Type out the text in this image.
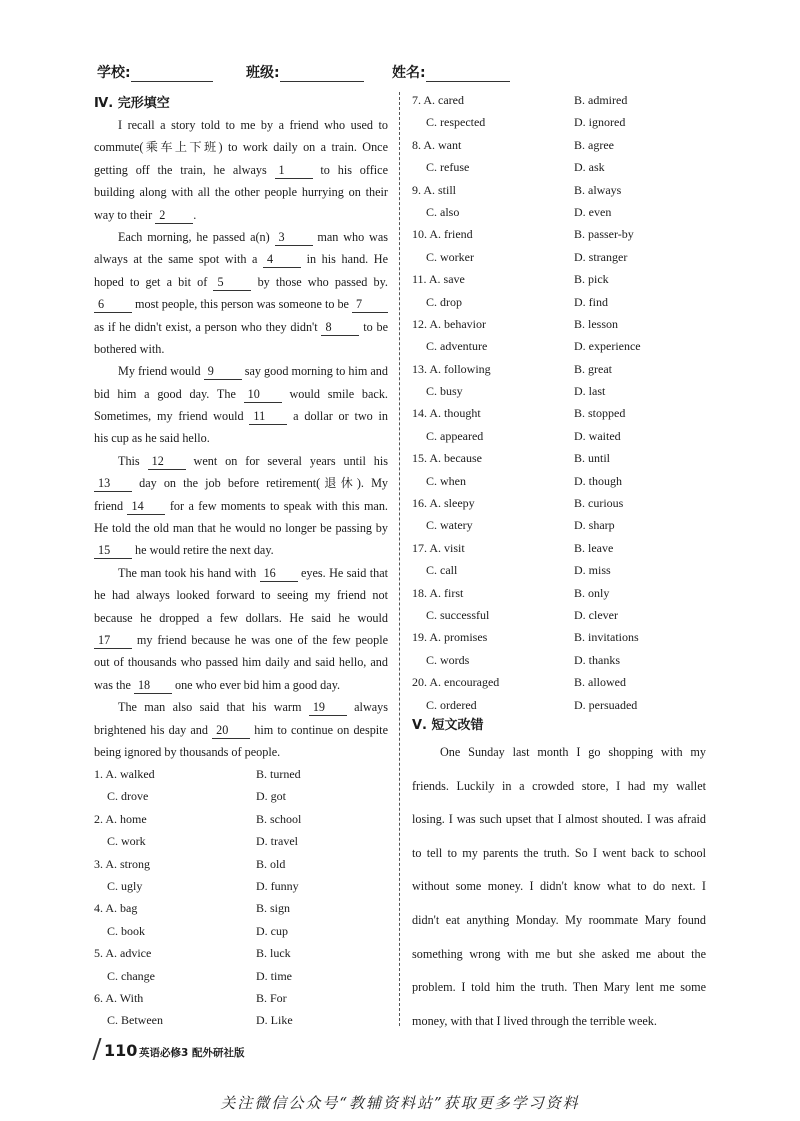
学校:	班级:	姓名:
Ⅳ. 完形填空
I recall a story told to me by a friend who used to
commute(乘车上下班) to work daily on a train. Once
getting off the train, he always 1 to his office
building along with all the other people hurrying on their
way to their 2 .
Each morning, he passed a(n) 3 man who was
always at the same spot with a 4 in his hand. He
hoped to get a bit of 5 by those who passed by.
6 most people, this person was someone to be 7
as if he didn't exist, a person who they didn't 8 to be
bothered with.
My friend would 9 say good morning to him and
bid him a good day. The 10 would smile back.
Sometimes, my friend would 11 a dollar or two in
his cup as he said hello.
This 12 went on for several years until his
13 day on the job before retirement(退休). My
friend 14 for a few moments to speak with this man.
He told the old man that he would no longer be passing by
15 he would retire the next day.
The man took his hand with 16 eyes. He said that
he had always looked forward to seeing my friend not
because he dropped a few dollars. He said he would
17 my friend because he was one of the few people
out of thousands who passed him daily and said hello, and
was the 18 one who ever bid him a good day.
The man also said that his warm 19 always
brightened his day and 20 him to continue on despite
being ignored by thousands of people.
1. A. walked	B. turned
C. drove	D. got
2. A. home	B. school
C. work	D. travel
3. A. strong	B. old
C. ugly	D. funny
4. A. bag	B. sign
C. book	D. cup
5. A. advice	B. luck
C. change	D. time
6. A. With	B. For
C. Between	D. Like
7. A. cared	B. admired
C. respected	D. ignored
8. A. want	B. agree
C. refuse	D. ask
9. A. still	B. always
C. also	D. even
10. A. friend	B. passer-by
C. worker	D. stranger
11. A. save	B. pick
C. drop	D. find
12. A. behavior	B. lesson
C. adventure	D. experience
13. A. following	B. great
C. busy	D. last
14. A. thought	B. stopped
C. appeared	D. waited
15. A. because	B. until
C. when	D. though
16. A. sleepy	B. curious
C. watery	D. sharp
17. A. visit	B. leave
C. call	D. miss
18. A. first	B. only
C. successful	D. clever
19. A. promises	B. invitations
C. words	D. thanks
20. A. encouraged	B. allowed
C. ordered	D. persuaded
Ⅴ. 短文改错
One Sunday last month I go shopping with my
friends. Luckily in a crowded store, I had my wallet
losing. I was such upset that I almost shouted. I was afraid
to tell to my parents the truth. So I went back to school
without some money. I didn't know what to do next. I
didn't eat anything Monday. My roommate Mary found
something wrong with me but she asked me about the
problem. I told him the truth. Then Mary lent me some
money, with that I lived through the terrible week.
110 英语必修3 配外研社版
关注微信公众号“教辅资料站”获取更多学习资料
